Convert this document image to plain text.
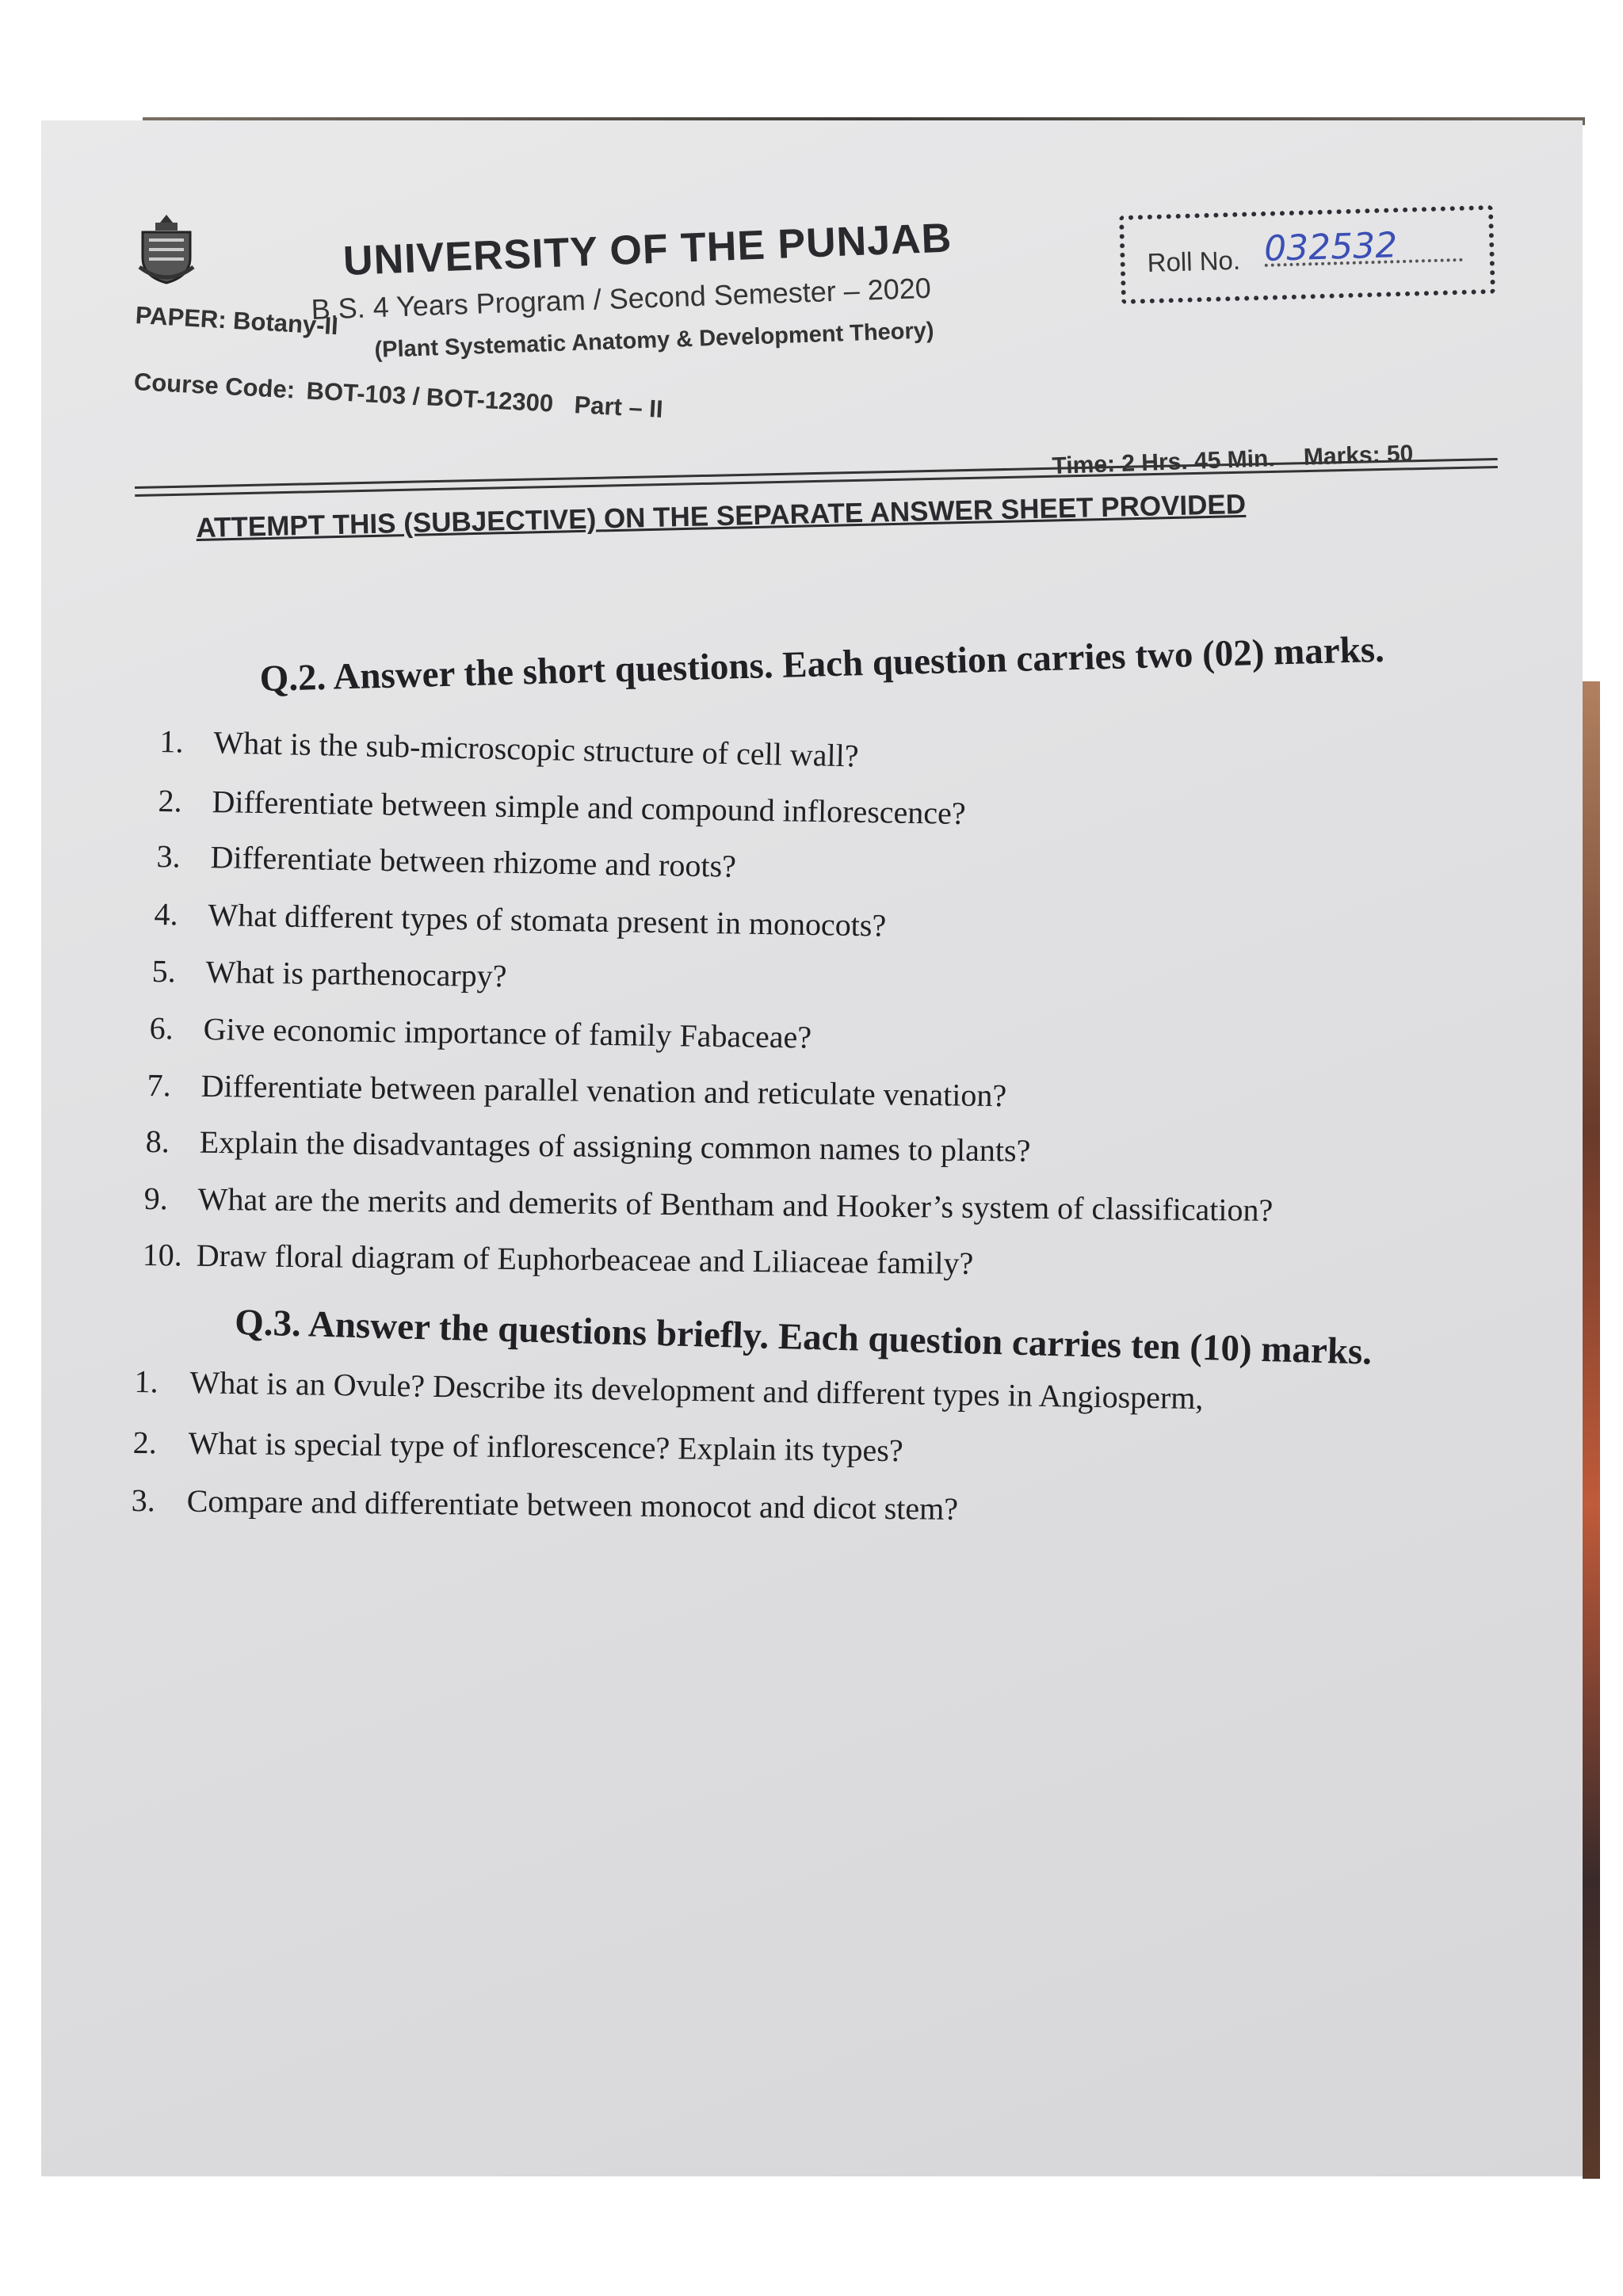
UNIVERSITY OF THE PUNJAB
B.S. 4 Years Program / Second Semester – 2020
PAPER: Botany-II (Plant Systematic Anatomy & Development Theory)
Course Code: BOT-103 / BOT-12300 Part – II
Roll No. 032532
Time: 2 Hrs. 45 Min. Marks: 50
ATTEMPT THIS (SUBJECTIVE) ON THE SEPARATE ANSWER SHEET PROVIDED
Q.2. Answer the short questions. Each question carries two (02) marks.
1. What is the sub-microscopic structure of cell wall?
2. Differentiate between simple and compound inflorescence?
3. Differentiate between rhizome and roots?
4. What different types of stomata present in monocots?
5. What is parthenocarpy?
6. Give economic importance of family Fabaceae?
7. Differentiate between parallel venation and reticulate venation?
8. Explain the disadvantages of assigning common names to plants?
9. What are the merits and demerits of Bentham and Hooker’s system of classification?
10. Draw floral diagram of Euphorbeaceae and Liliaceae family?
Q.3. Answer the questions briefly. Each question carries ten (10) marks.
1. What is an Ovule? Describe its development and different types in Angiosperm,
2. What is special type of inflorescence? Explain its types?
3. Compare and differentiate between monocot and dicot stem?
